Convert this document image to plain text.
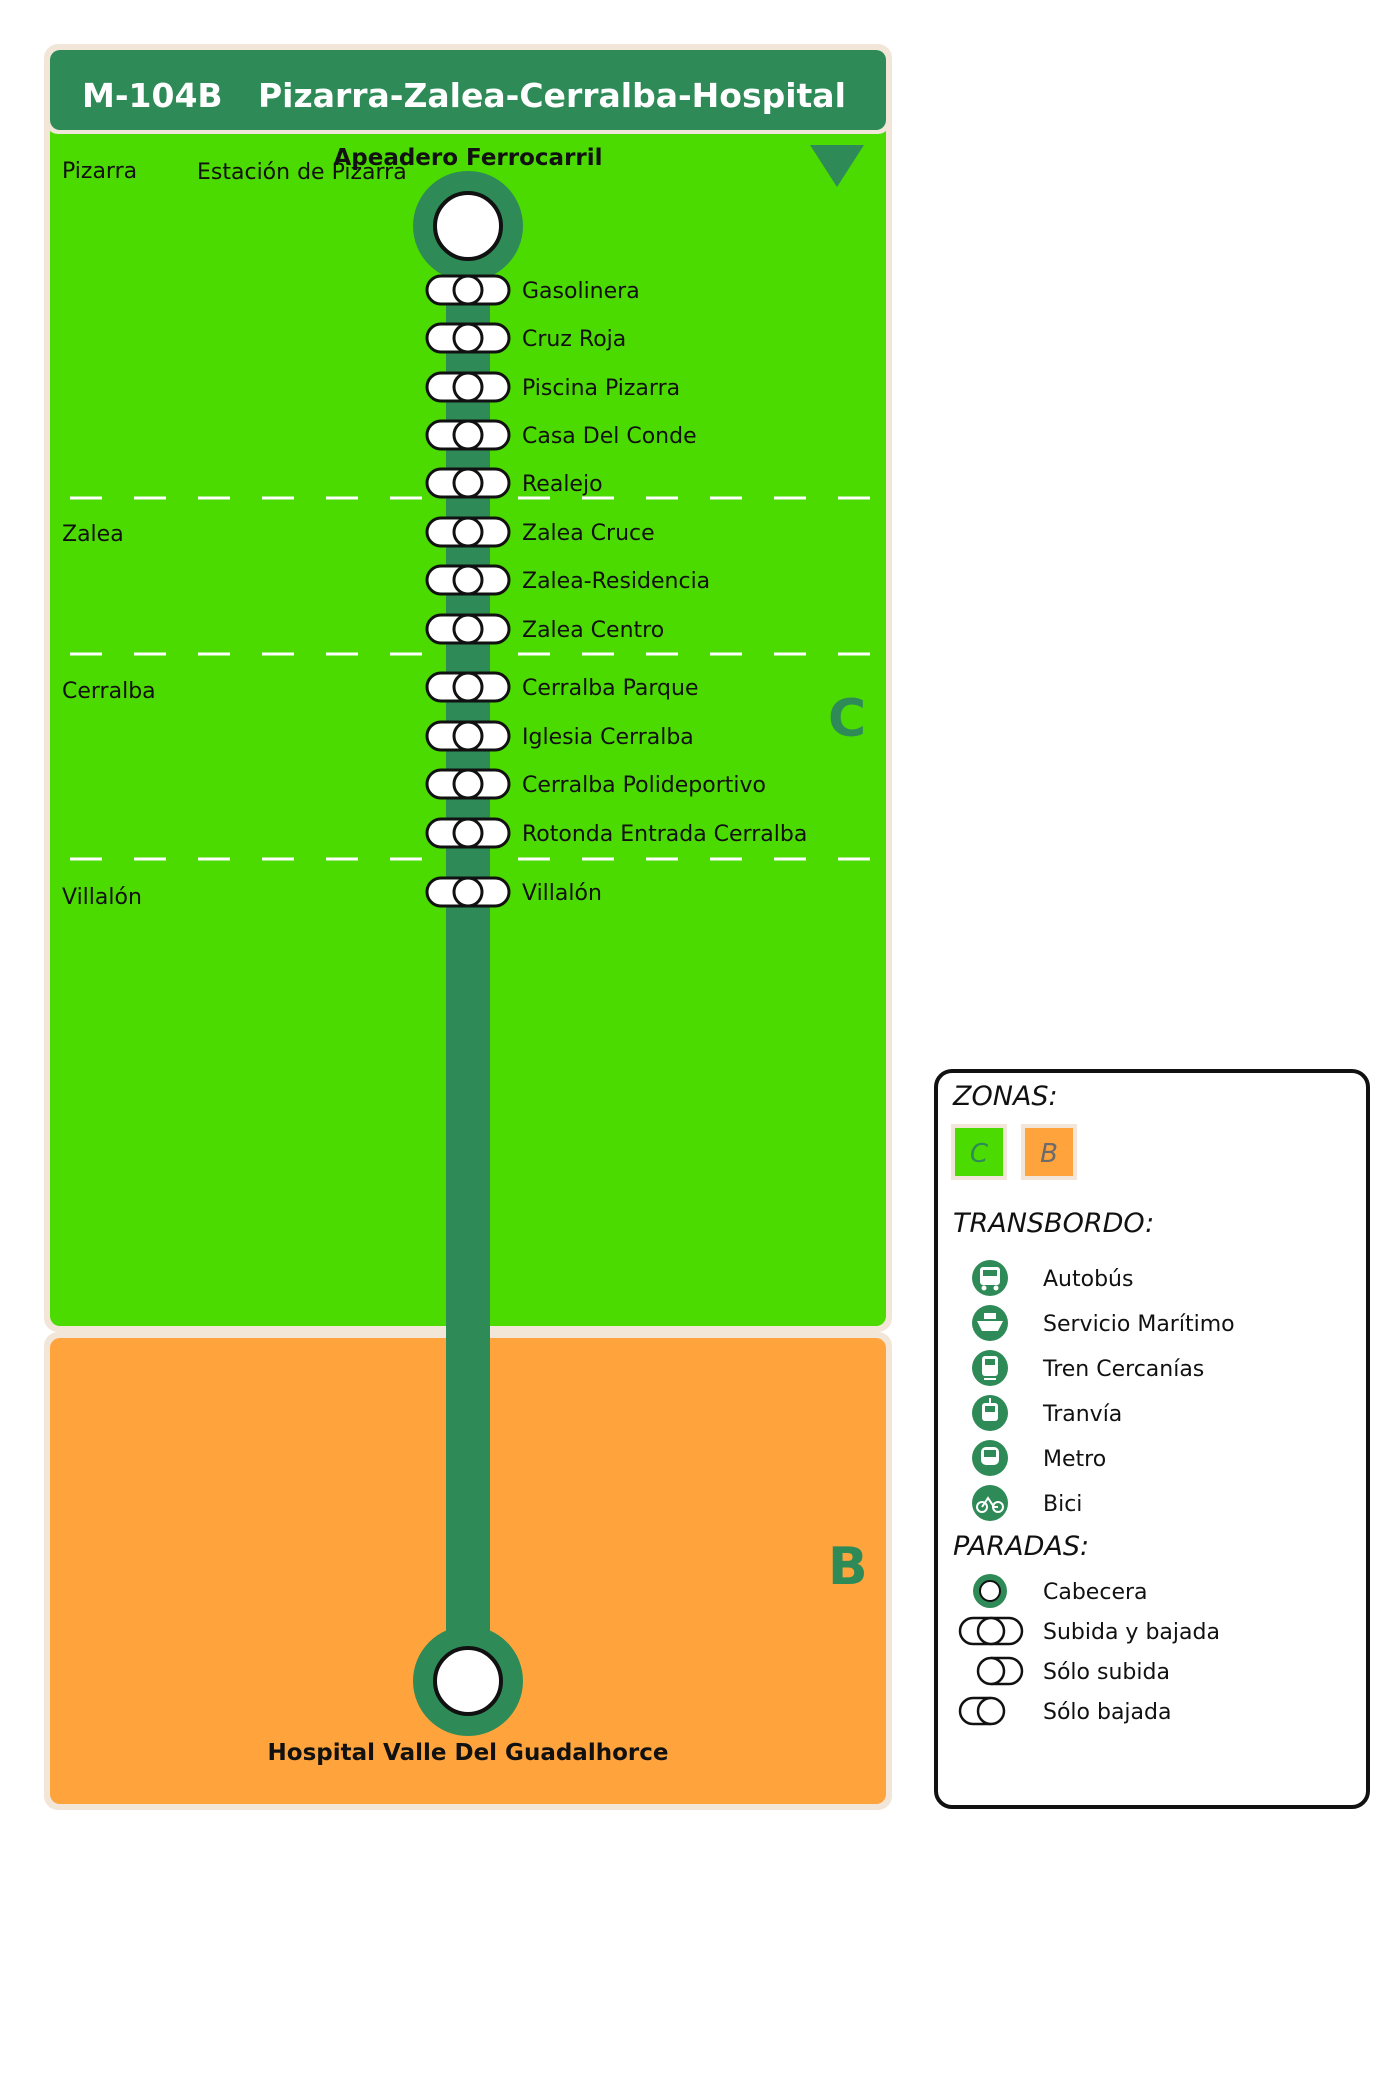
M-104B Pizarra-Zalea-Cerralba-Hospital
Pizarra
Zalea
Cerralba
Villalón
C
B
Apeadero Ferrocarril
Estación de Pizarra
Hospital Valle Del Guadalhorce
Gasolinera
Cruz Roja
Piscina Pizarra
Casa Del Conde
Realejo
Zalea Cruce
Zalea-Residencia
Zalea Centro
Cerralba Parque
Iglesia Cerralba
Cerralba Polideportivo
Rotonda Entrada Cerralba
Villalón
ZONAS:
C B
TRANSBORDO:
Autobús
Servicio Marítimo
Tren Cercanías
Tranvía
Metro
Bici
PARADAS:
Cabecera
Subida y bajada
Sólo subida
Sólo bajada
